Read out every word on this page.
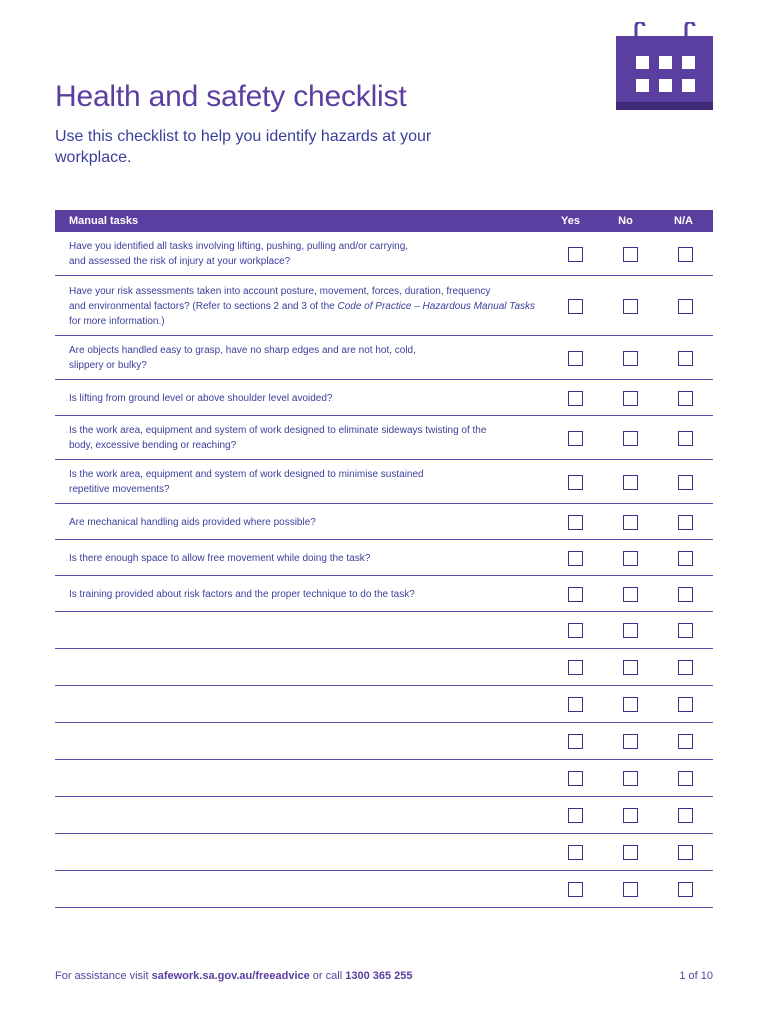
Health and safety checklist

Use this checklist to help you identify hazards at your workplace.

Manual tasks	Yes	No	N/A
Have you identified all tasks involving lifting, pushing, pulling and/or carrying,
and assessed the risk of injury at your workplace?
Have your risk assessments taken into account posture, movement, forces, duration, frequency
and environmental factors? (Refer to sections 2 and 3 of the Code of Practice – Hazardous Manual Tasks for more information.)
Are objects handled easy to grasp, have no sharp edges and are not hot, cold,
slippery or bulky?
Is lifting from ground level or above shoulder level avoided?
Is the work area, equipment and system of work designed to eliminate sideways twisting of the
body, excessive bending or reaching?
Is the work area, equipment and system of work designed to minimise sustained
repetitive movements?
Are mechanical handling aids provided where possible?
Is there enough space to allow free movement while doing the task?
Is training provided about risk factors and the proper technique to do the task?
For assistance visit safework.sa.gov.au/freeadvice or call 1300 365 255	1 of 10
